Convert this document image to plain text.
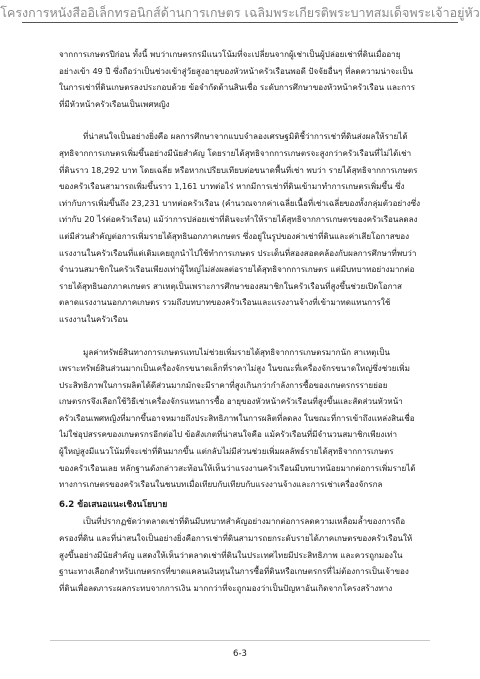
โครงการหนังสืออิเล็กทรอนิกส์ด้านการเกษตร เฉลิมพระเกียรติพระบาทสมเด็จพระเจ้าอยู่หัว
จากการเกษตรปีก่อน ทั้งนี้ พบว่าเกษตรกรมีแนวโน้มที่จะเปลี่ยนจากผู้เช่าเป็นผู้ปล่อยเช่าที่ดินเมื่ออายุ
อย่างเข้า 49 ปี ซึ่งถือว่าเป็นช่วงเข้าสู่วัยสูงอายุของหัวหน้าครัวเรือนพอดี ปัจจัยอื่นๆ ที่ลดความน่าจะเป็น
ในการเช่าที่ดินเกษตรลงประกอบด้วย ข้อจำกัดด้านสินเชื่อ ระดับการศึกษาของหัวหน้าครัวเรือน และการ
ที่มีหัวหน้าครัวเรือนเป็นเพศหญิง
ที่น่าสนใจเป็นอย่างยิ่งคือ ผลการศึกษาจากแบบจำลองเศรษฐมิติชี้ว่าการเช่าที่ดินส่งผลให้รายได้
สุทธิจากการเกษตรเพิ่มขึ้นอย่างมีนัยสำคัญ โดยรายได้สุทธิจากการเกษตรจะสูงกว่าครัวเรือนที่ไม่ได้เช่า
ที่ดินราว 18,292 บาท โดยเฉลี่ย หรือหากเปรียบเทียบต่อขนาดพื้นที่เช่า พบว่า รายได้สุทธิจากการเกษตร
ของครัวเรือนสามารถเพิ่มขึ้นราว 1,161 บาทต่อไร่ หากมีการเช่าที่ดินเข้ามาทำการเกษตรเพิ่มขึ้น ซึ่ง
เท่ากับการเพิ่มขึ้นถึง 23,231 บาทต่อครัวเรือน (คำนวณจากค่าเฉลี่ยเนื้อที่เช่าเฉลี่ยของทั้งกลุ่มตัวอย่างซึ่ง
เท่ากับ 20 ไร่ต่อครัวเรือน) แม้ว่าการปล่อยเช่าที่ดินจะทำให้รายได้สุทธิจากการเกษตรของครัวเรือนลดลง
แต่มีส่วนสำคัญต่อการเพิ่มรายได้สุทธินอกภาคเกษตร ซึ่งอยู่ในรูปของค่าเช่าที่ดินและค่าเสียโอกาสของ
แรงงานในครัวเรือนที่แต่เดิมเคยถูกนำไปใช้ทำการเกษตร ประเด็นที่สองสอดคล้องกับผลการศึกษาที่พบว่า
จำนวนสมาชิกในครัวเรือนเพียงเท่าผู้ใหญ่ไม่ส่งผลต่อรายได้สุทธิจากการเกษตร แต่มีบทบาทอย่างมากต่อ
รายได้สุทธินอกภาคเกษตร สาเหตุเป็นเพราะการศึกษาของสมาชิกในครัวเรือนที่สูงขึ้นช่วยเปิดโอกาส
ตลาดแรงงานนอกภาคเกษตร รวมถึงบทบาทของครัวเรือนและแรงงานจ้างที่เข้ามาทดแทนการใช้
แรงงานในครัวเรือน
มูลค่าทรัพย์สินทางการเกษตรแทบไม่ช่วยเพิ่มรายได้สุทธิจากการเกษตรมากนัก สาเหตุเป็น
เพราะทรัพย์สินส่วนมากเป็นเครื่องจักรขนาดเล็กที่ราคาไม่สูง ในขณะที่เครื่องจักรขนาดใหญ่ซึ่งช่วยเพิ่ม
ประสิทธิภาพในการผลิตได้ดีส่วนมากมักจะมีราคาที่สูงเกินกว่ากำลังการซื้อของเกษตรกรรายย่อย
เกษตรกรจึงเลือกใช้วิธีเช่าเครื่องจักรแทนการซื้อ อายุของหัวหน้าครัวเรือนที่สูงขึ้นและสัดส่วนหัวหน้า
ครัวเรือนเพศหญิงที่มากขึ้นอาจหมายถึงประสิทธิภาพในการผลิตที่ลดลง ในขณะที่การเข้าถึงแหล่งสินเชื่อ
ไม่ใช่อุปสรรคของเกษตรกรอีกต่อไป ข้อสังเกตที่น่าสนใจคือ แม้ครัวเรือนที่มีจำนวนสมาชิกเพียงเท่า
ผู้ใหญ่สูงมีแนวโน้มที่จะเช่าที่ดินมากขึ้น แต่กลับไม่มีส่วนช่วยเพิ่มผลลัพธ์รายได้สุทธิจากการเกษตร
ของครัวเรือนเลย หลักฐานดังกล่าวสะท้อนให้เห็นว่าแรงงานครัวเรือนมีบทบาทน้อยมากต่อการเพิ่มรายได้
ทางการเกษตรของครัวเรือนในชนบทเมื่อเทียบกับเทียบกับแรงงานจ้างและการเช่าเครื่องจักรกล
6.2 ข้อเสนอแนะเชิงนโยบาย
เป็นที่ปรากฏชัดว่าตลาดเช่าที่ดินมีบทบาทสำคัญอย่างมากต่อการลดความเหลื่อมล้ำของการถือ
ครองที่ดิน และที่น่าสนใจเป็นอย่างยิ่งคือการเช่าที่ดินสามารถยกระดับรายได้ภาคเกษตรของครัวเรือนให้
สูงขึ้นอย่างมีนัยสำคัญ แสดงให้เห็นว่าตลาดเช่าที่ดินในประเทศไทยมีประสิทธิภาพ และควรถูกมองใน
ฐานะทางเลือกสำหรับเกษตรกรที่ขาดแคลนเงินทุนในการซื้อที่ดินหรือเกษตรกรที่ไม่ต้องการเป็นเจ้าของ
ที่ดินเพื่อลดภาระผลกระทบจากการเงิน มากกว่าที่จะถูกมองว่าเป็นปัญหาอันเกิดจากโครงสร้างทาง
6-3
